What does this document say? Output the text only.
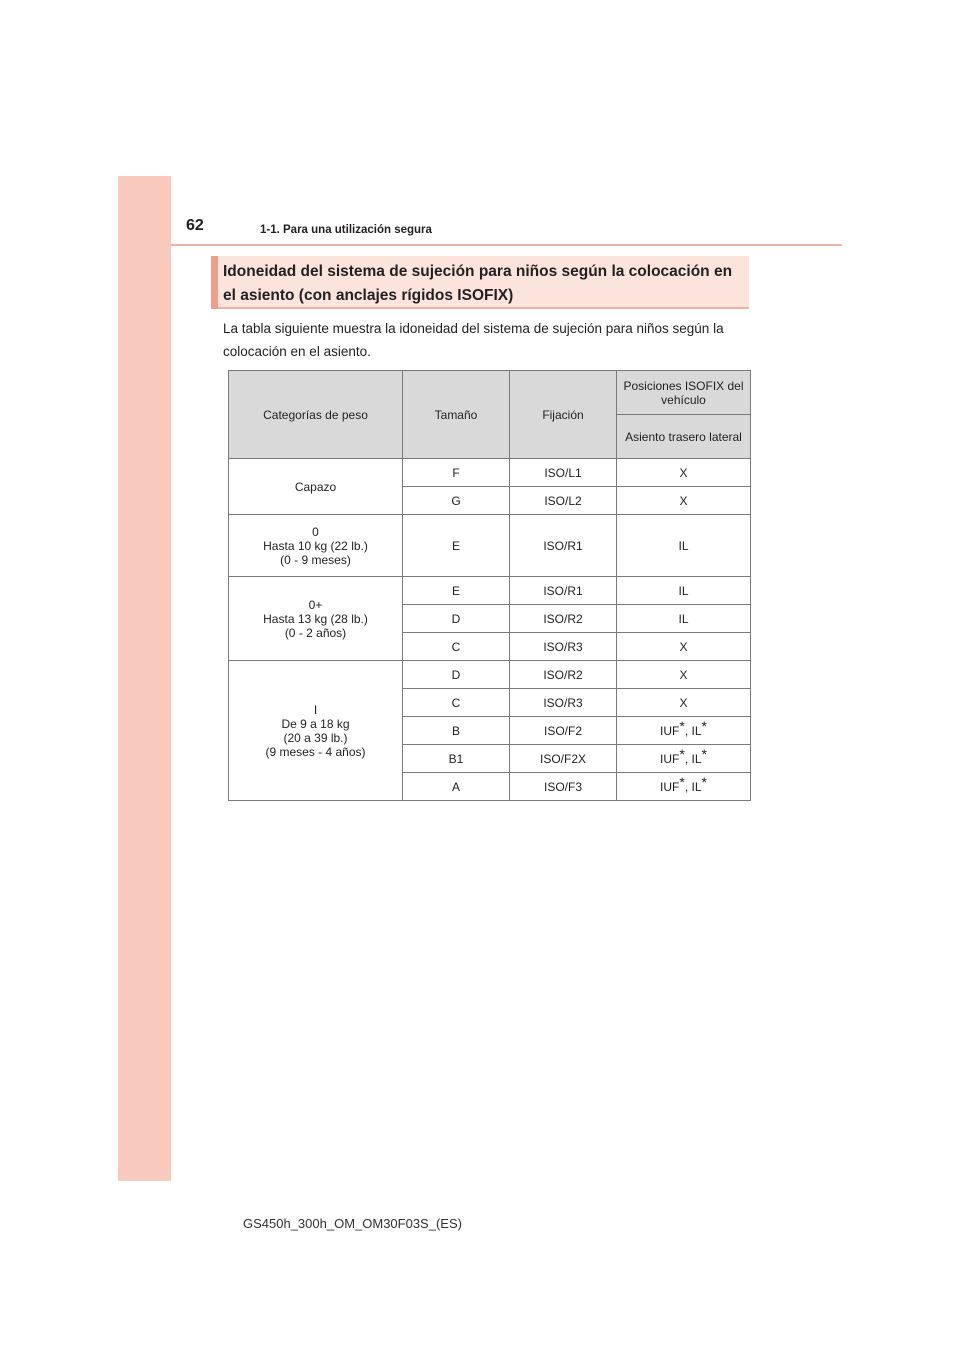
62	1-1. Para una utilización segura
Idoneidad del sistema de sujeción para niños según la colocación en el asiento (con anclajes rígidos ISOFIX)
La tabla siguiente muestra la idoneidad del sistema de sujeción para niños según la colocación en el asiento.
Categorías de peso	Tamaño	Fijación	Posiciones ISOFIX del vehículo
			Asiento trasero lateral

Capazo	F	ISO/L1	X
	G	ISO/L2	X

0
Hasta 10 kg (22 lb.)
(0 - 9 meses)	E	ISO/R1	IL

0+
Hasta 13 kg (28 lb.)
(0 - 2 años)	E	ISO/R1	IL
	D	ISO/R2	IL
	C	ISO/R3	X

I
De 9 a 18 kg
(20 a 39 lb.)
(9 meses - 4 años)	D	ISO/R2	X
	C	ISO/R3	X
	B	ISO/F2	IUF*, IL*
	B1	ISO/F2X	IUF*, IL*
	A	ISO/F3	IUF*, IL*
GS450h_300h_OM_OM30F03S_(ES)
